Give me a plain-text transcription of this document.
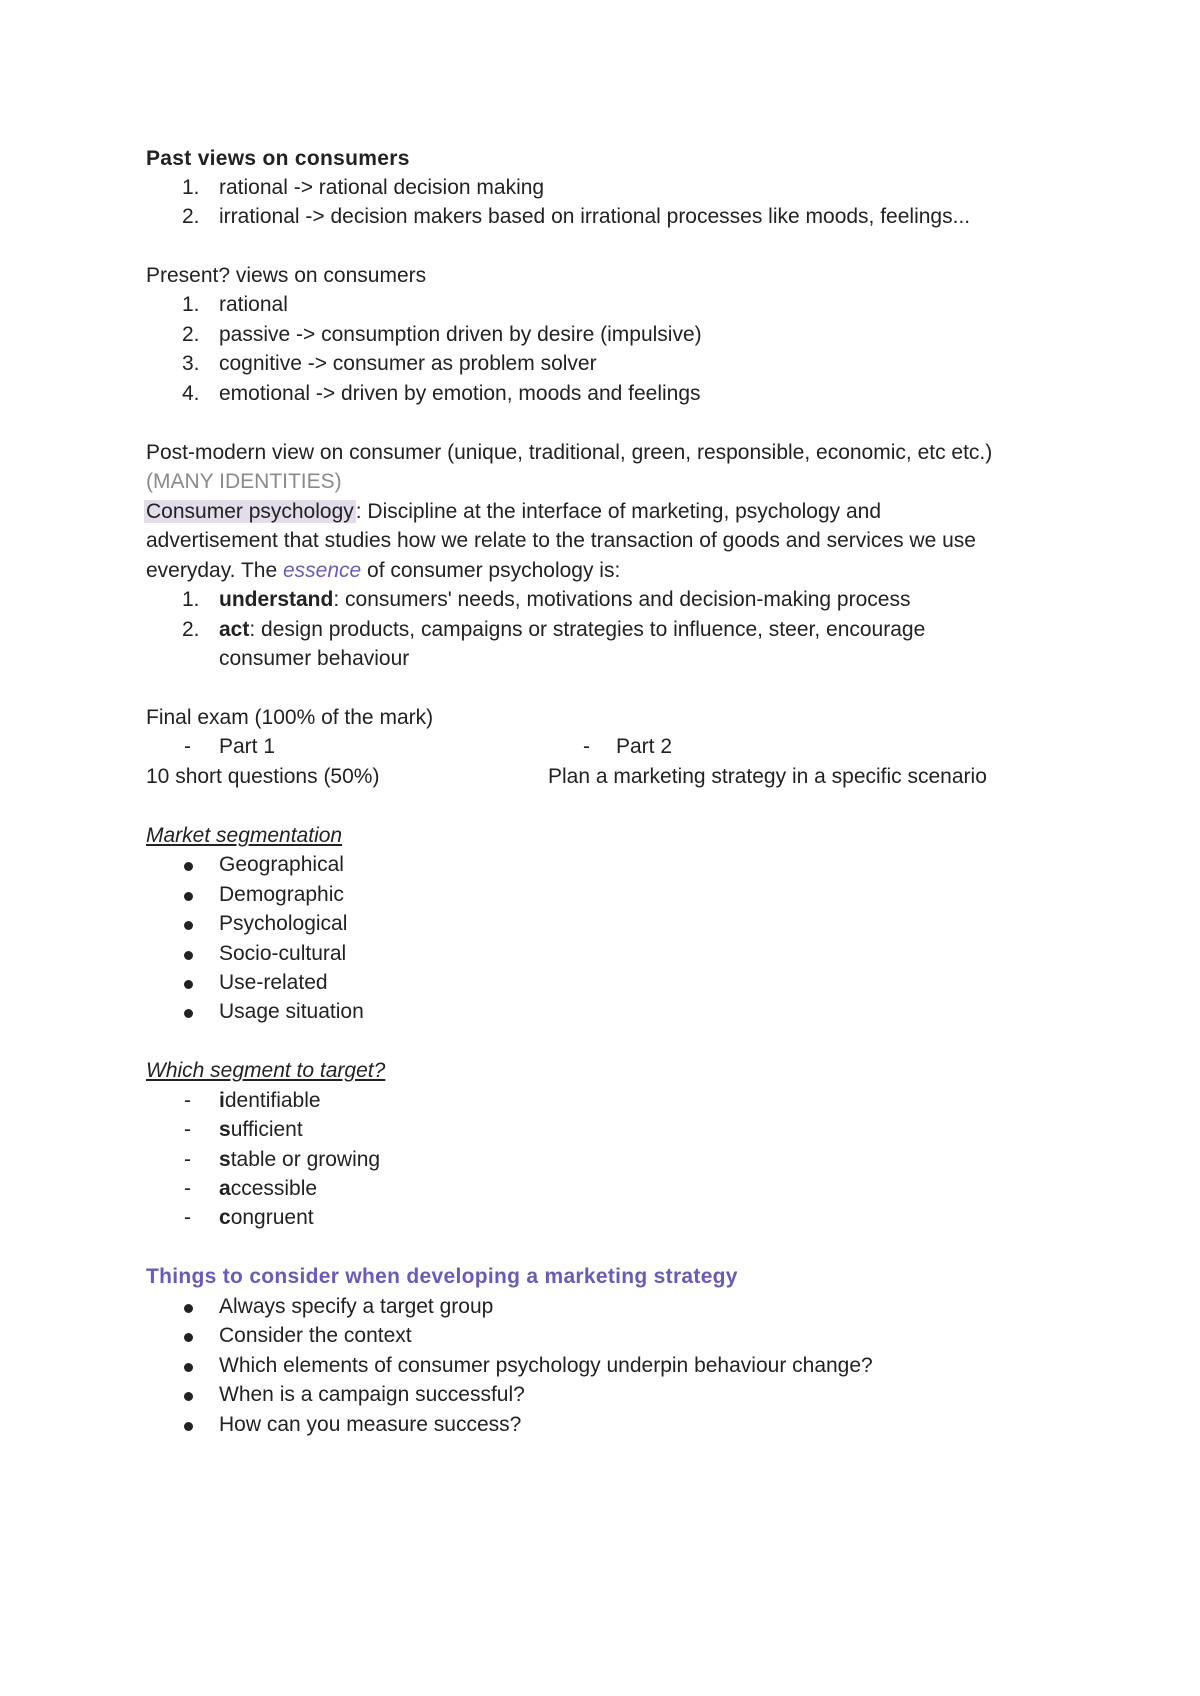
Past views on consumers
1. rational -> rational decision making
2. irrational -> decision makers based on irrational processes like moods, feelings...
Present? views on consumers
1. rational
2. passive -> consumption driven by desire (impulsive)
3. cognitive -> consumer as problem solver
4. emotional -> driven by emotion, moods and feelings
Post-modern view on consumer (unique, traditional, green, responsible, economic, etc etc.)
(MANY IDENTITIES)
Consumer psychology: Discipline at the interface of marketing, psychology and
advertisement that studies how we relate to the transaction of goods and services we use
everyday. The essence of consumer psychology is:
1. understand: consumers' needs, motivations and decision-making process
2. act: design products, campaigns or strategies to influence, steer, encourage
consumer behaviour
Final exam (100% of the mark)
- Part 1	- Part 2
10 short questions (50%)	Plan a marketing strategy in a specific scenario
Market segmentation
Geographical
Demographic
Psychological
Socio-cultural
Use-related
Usage situation
Which segment to target?
- identifiable
- sufficient
- stable or growing
- accessible
- congruent
Things to consider when developing a marketing strategy
Always specify a target group
Consider the context
Which elements of consumer psychology underpin behaviour change?
When is a campaign successful?
How can you measure success?
